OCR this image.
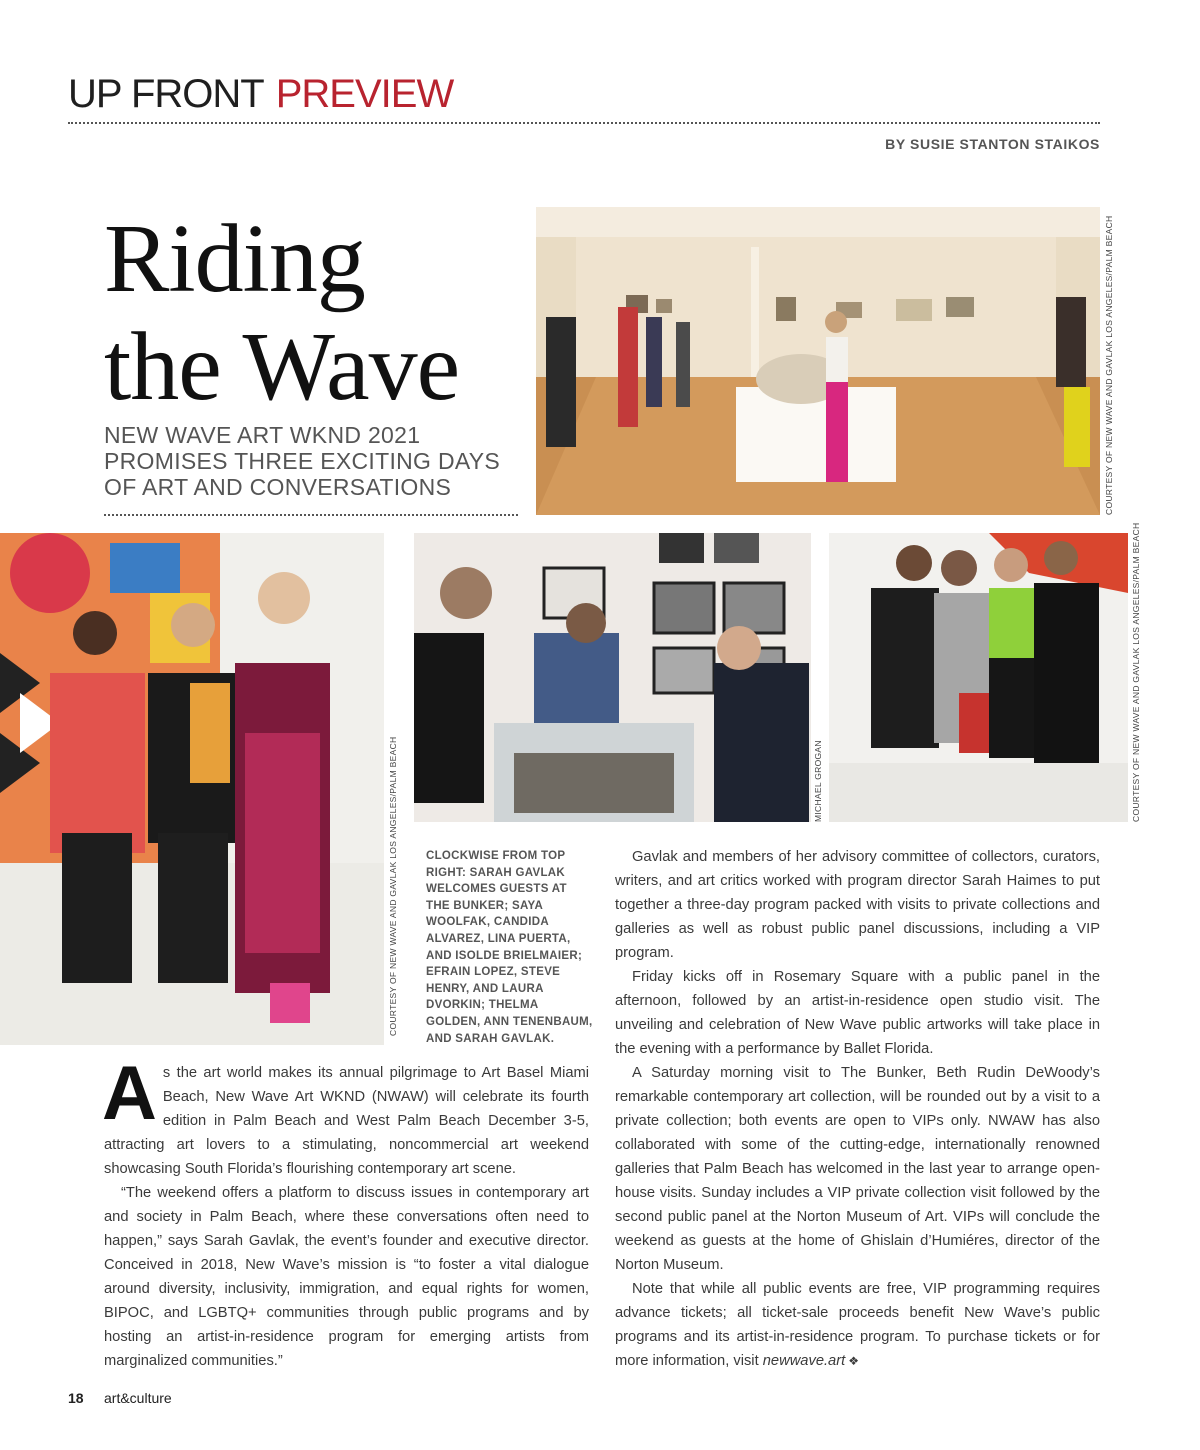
UP FRONT PREVIEW
BY SUSIE STANTON STAIKOS
Riding
the Wave
NEW WAVE ART WKND 2021
PROMISES THREE EXCITING DAYS
OF ART AND CONVERSATIONS	COURTESY OF NEW WAVE AND GAVLAK LOS ANGELES/PALM BEACH
COURTESY OF NEW WAVE AND GAVLAK LOS ANGELES/PALM BEACH	MICHAEL GROGAN	COURTESY OF NEW WAVE AND GAVLAK LOS ANGELES/PALM BEACH
CLOCKWISE FROM TOP RIGHT: SARAH GAVLAK WELCOMES GUESTS AT THE BUNKER; SAYA WOOLFAK, CANDIDA ALVAREZ, LINA PUERTA, AND ISOLDE BRIELMAIER; EFRAIN LOPEZ, STEVE HENRY, AND LAURA DVORKIN; THELMA GOLDEN, ANN TENENBAUM, AND SARAH GAVLAK.

As the art world makes its annual pilgrimage to Art Basel Miami Beach, New Wave Art WKND (NWAW) will celebrate its fourth edition in Palm Beach and West Palm Beach December 3-5, attracting art lovers to a stimulating, noncommercial art weekend showcasing South Florida’s flourishing contemporary art scene.

“The weekend offers a platform to discuss issues in contemporary art and society in Palm Beach, where these conversations often need to happen,” says Sarah Gavlak, the event’s founder and executive director. Conceived in 2018, New Wave’s mission is “to foster a vital dialogue around diversity, inclusivity, immigration, and equal rights for women, BIPOC, and LGBTQ+ communities through public programs and by hosting an artist-in-residence program for emerging artists from marginalized communities.”

Gavlak and members of her advisory committee of collectors, curators, writers, and art critics worked with program director Sarah Haimes to put together a three-day program packed with visits to private collections and galleries as well as robust public panel discussions, including a VIP program.

Friday kicks off in Rosemary Square with a public panel in the afternoon, followed by an artist-in-residence open studio visit. The unveiling and celebration of New Wave public artworks will take place in the evening with a performance by Ballet Florida.

A Saturday morning visit to The Bunker, Beth Rudin DeWoody’s remarkable contemporary art collection, will be rounded out by a visit to a private collection; both events are open to VIPs only. NWAW has also collaborated with some of the cutting-edge, internationally renowned galleries that Palm Beach has welcomed in the last year to arrange open-house visits. Sunday includes a VIP private collection visit followed by the second public panel at the Norton Museum of Art. VIPs will conclude the weekend as guests at the home of Ghislain d’Humiéres, director of the Norton Museum.

Note that while all public events are free, VIP programming requires advance tickets; all ticket-sale proceeds benefit New Wave’s public programs and its artist-in-residence program. To purchase tickets or for more information, visit newwave.art ❖

18 art&culture
